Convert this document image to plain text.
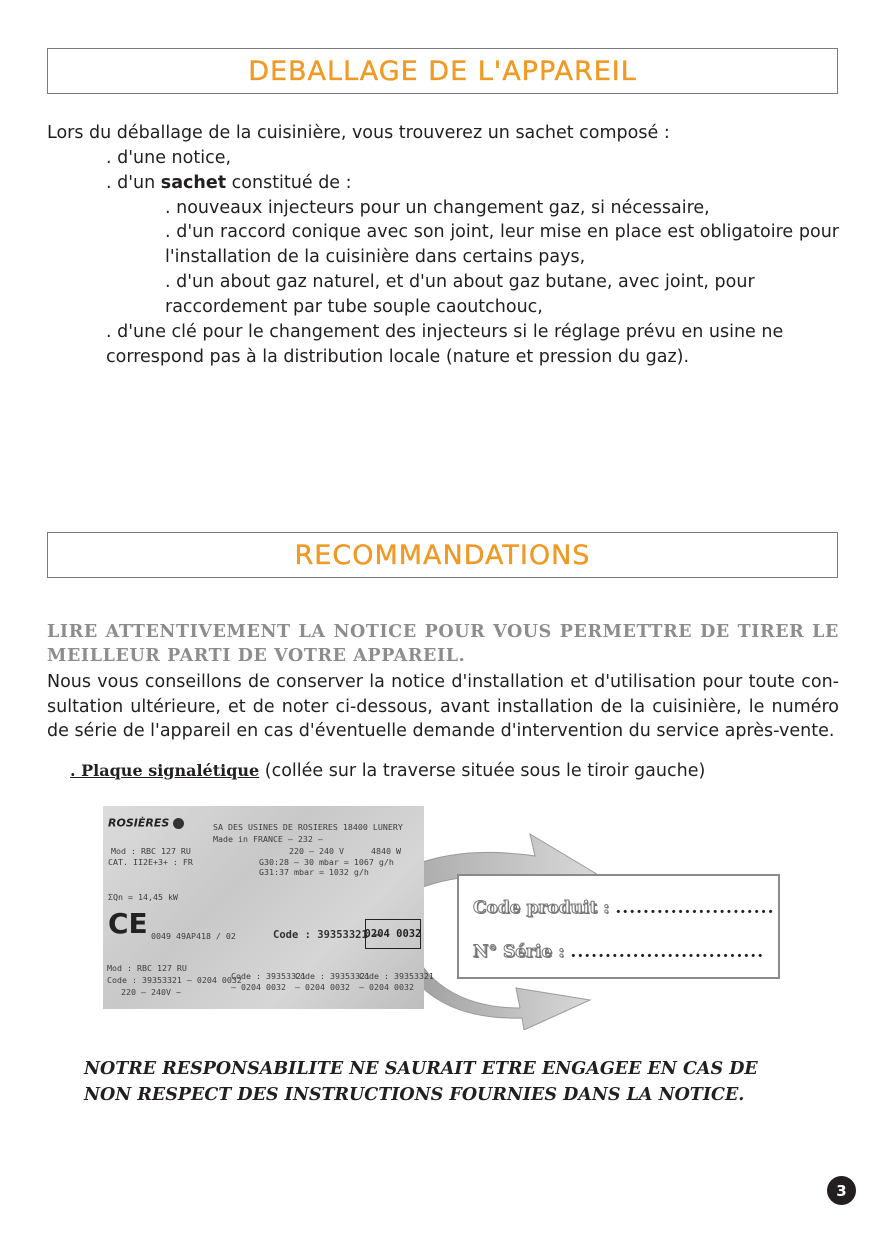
DEBALLAGE DE L'APPAREIL

Lors du déballage de la cuisinière, vous trouverez un sachet composé :

. d'une notice,

. d'un sachet constitué de :

. nouveaux injecteurs pour un changement gaz, si nécessaire,

. d'un raccord conique avec son joint, leur mise en place est obligatoire pour l'installation de la cuisinière dans certains pays,

. d'un about gaz naturel, et d'un about gaz butane, avec joint, pour raccordement par tube souple caoutchouc,

. d'une clé pour le changement des injecteurs si le réglage prévu en usine ne correspond pas à la distribution locale (nature et pression du gaz).

RECOMMANDATIONS

LIRE ATTENTIVEMENT LA NOTICE POUR VOUS PERMETTRE DE TIRER LE MEILLEUR PARTI DE VOTRE APPAREIL.

Nous vous conseillons de conserver la notice d'installation et d'utilisation pour toute con-sultation ultérieure, et de noter ci-dessous, avant installation de la cuisinière, le numéro de série de l'appareil en cas d'éventuelle demande d'intervention du service après-vente.

. Plaque signalétique (collée sur la traverse située sous le tiroir gauche)

ROSIÈRES	SA DES USINES DE ROSIERES 18400 LUNERY
Made in FRANCE – 232 –
Mod : RBC 127 RU
CAT. II2E+3+ : FR
220 – 240 V	4840 W
G30:28 – 30 mbar = 1067 g/h
G31:37 mbar = 1032 g/h
ΣQn = 14,45 kW
CE 0049 49AP418 / 02	Code : 39353321 –
0204 0032
Mod : RBC 127 RU
Code : 39353321 – 0204 0032
220 – 240V ~
Code : 39353321
– 0204 0032
Code : 39353321
– 0204 0032
Code : 39353321
– 0204 0032
Code produit : .......................
N° Série : ............................

NOTRE RESPONSABILITE NE SAURAIT ETRE ENGAGEE EN CAS DE

NON RESPECT DES INSTRUCTIONS FOURNIES DANS LA NOTICE.

3
